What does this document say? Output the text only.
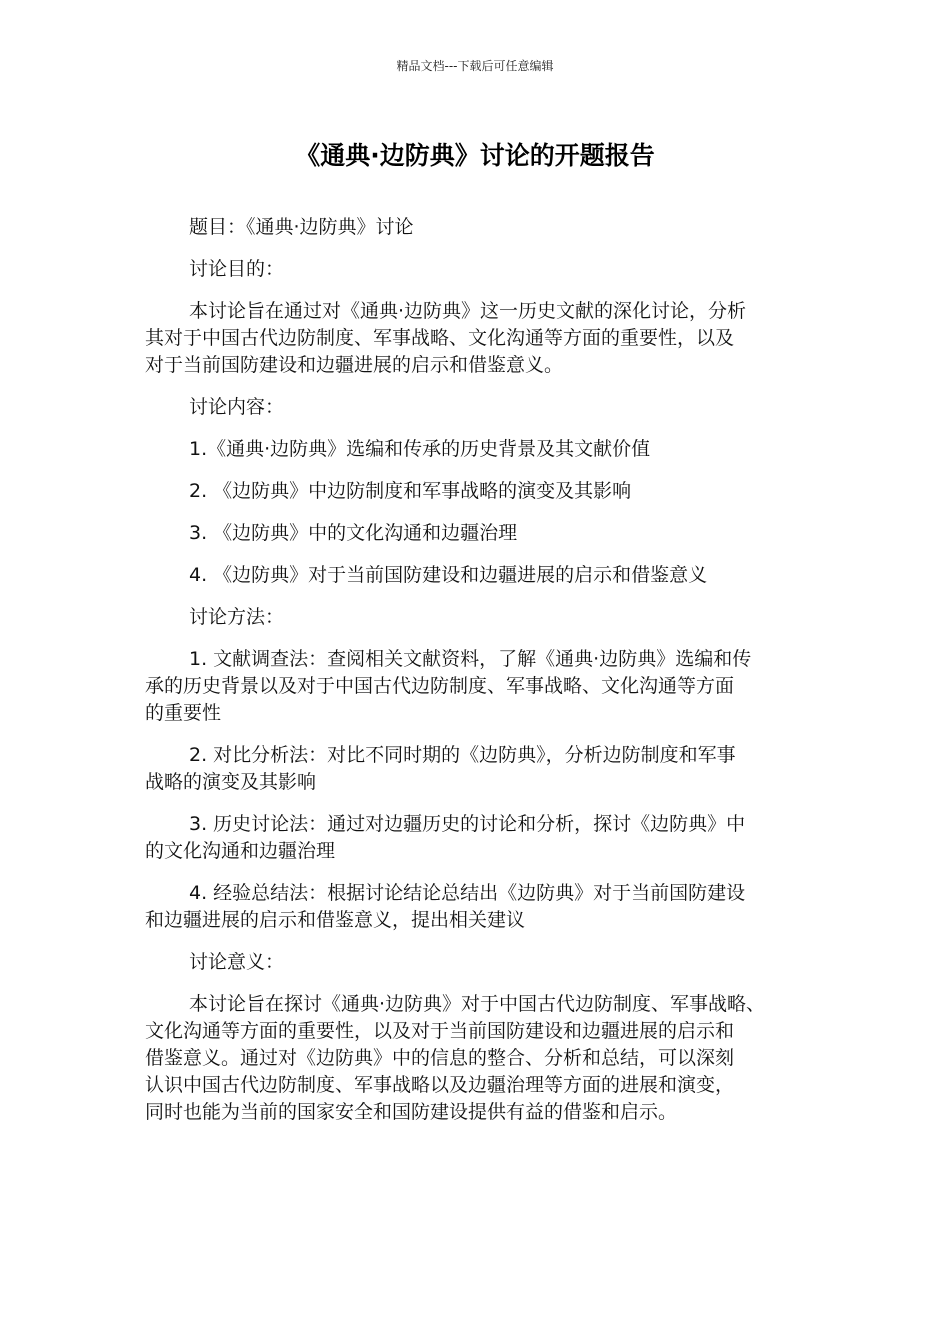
精品文档---下载后可任意编辑
《通典·边防典》讨论的开题报告
题目：《通典·边防典》讨论
讨论目的：
本讨论旨在通过对《通典·边防典》这一历史文献的深化讨论，分析
其对于中国古代边防制度、军事战略、文化沟通等方面的重要性，以及
对于当前国防建设和边疆进展的启示和借鉴意义。
讨论内容：
1.《通典·边防典》选编和传承的历史背景及其文献价值
2. 《边防典》中边防制度和军事战略的演变及其影响
3. 《边防典》中的文化沟通和边疆治理
4. 《边防典》对于当前国防建设和边疆进展的启示和借鉴意义
讨论方法：
1. 文献调查法：查阅相关文献资料，了解《通典·边防典》选编和传
承的历史背景以及对于中国古代边防制度、军事战略、文化沟通等方面
的重要性
2. 对比分析法：对比不同时期的《边防典》，分析边防制度和军事
战略的演变及其影响
3. 历史讨论法：通过对边疆历史的讨论和分析，探讨《边防典》中
的文化沟通和边疆治理
4. 经验总结法：根据讨论结论总结出《边防典》对于当前国防建设
和边疆进展的启示和借鉴意义，提出相关建议
讨论意义：
本讨论旨在探讨《通典·边防典》对于中国古代边防制度、军事战略、
文化沟通等方面的重要性，以及对于当前国防建设和边疆进展的启示和
借鉴意义。通过对《边防典》中的信息的整合、分析和总结，可以深刻
认识中国古代边防制度、军事战略以及边疆治理等方面的进展和演变，
同时也能为当前的国家安全和国防建设提供有益的借鉴和启示。
